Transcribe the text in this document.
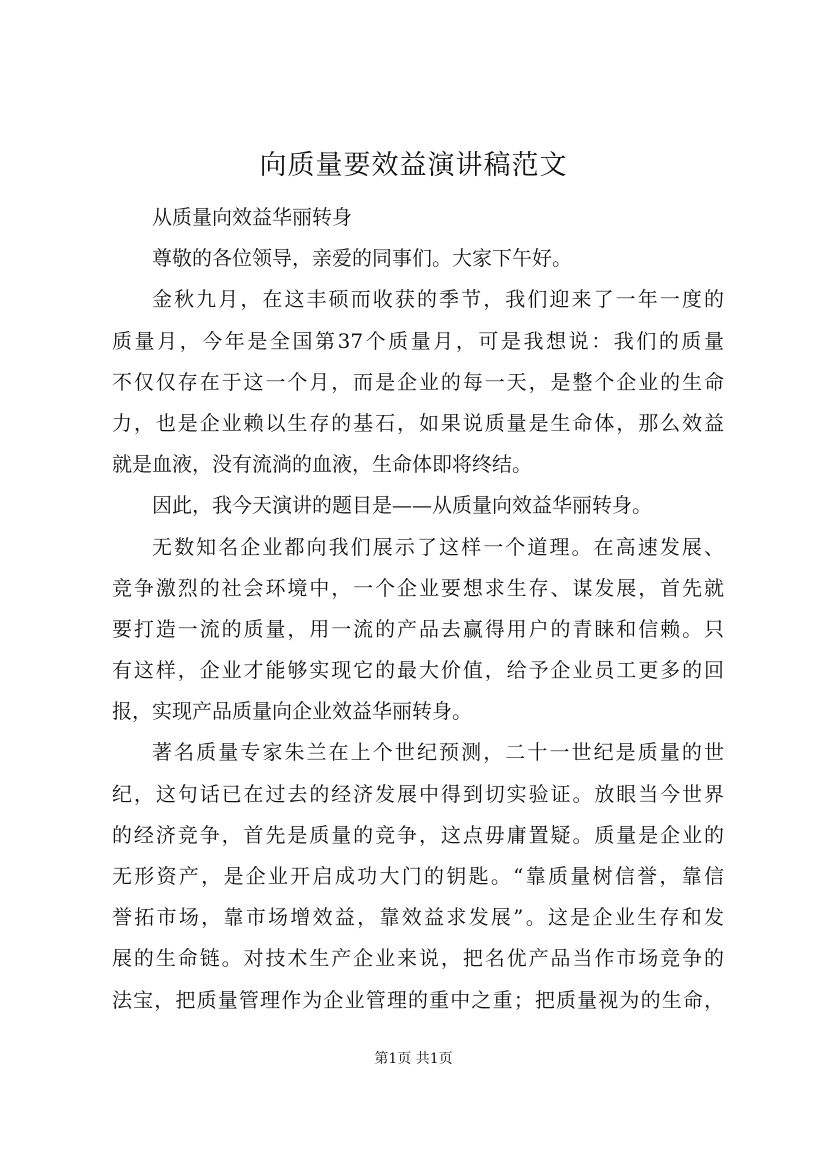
向质量要效益演讲稿范文
从质量向效益华丽转身
尊敬的各位领导，亲爱的同事们。大家下午好。
金秋九月，在这丰硕而收获的季节，我们迎来了一年一度的
质量月，今年是全国第37个质量月，可是我想说：我们的质量
不仅仅存在于这一个月，而是企业的每一天，是整个企业的生命
力，也是企业赖以生存的基石，如果说质量是生命体，那么效益
就是血液，没有流淌的血液，生命体即将终结。
因此，我今天演讲的题目是——从质量向效益华丽转身。
无数知名企业都向我们展示了这样一个道理。在高速发展、
竞争激烈的社会环境中，一个企业要想求生存、谋发展，首先就
要打造一流的质量，用一流的产品去赢得用户的青睐和信赖。只
有这样，企业才能够实现它的最大价值，给予企业员工更多的回
报，实现产品质量向企业效益华丽转身。
著名质量专家朱兰在上个世纪预测，二十一世纪是质量的世
纪，这句话已在过去的经济发展中得到切实验证。放眼当今世界
的经济竞争，首先是质量的竞争，这点毋庸置疑。质量是企业的
无形资产，是企业开启成功大门的钥匙。“靠质量树信誉，靠信
誉拓市场，靠市场增效益，靠效益求发展”。这是企业生存和发
展的生命链。对技术生产企业来说，把名优产品当作市场竞争的
法宝，把质量管理作为企业管理的重中之重；把质量视为的生命，
第1页 共1页
